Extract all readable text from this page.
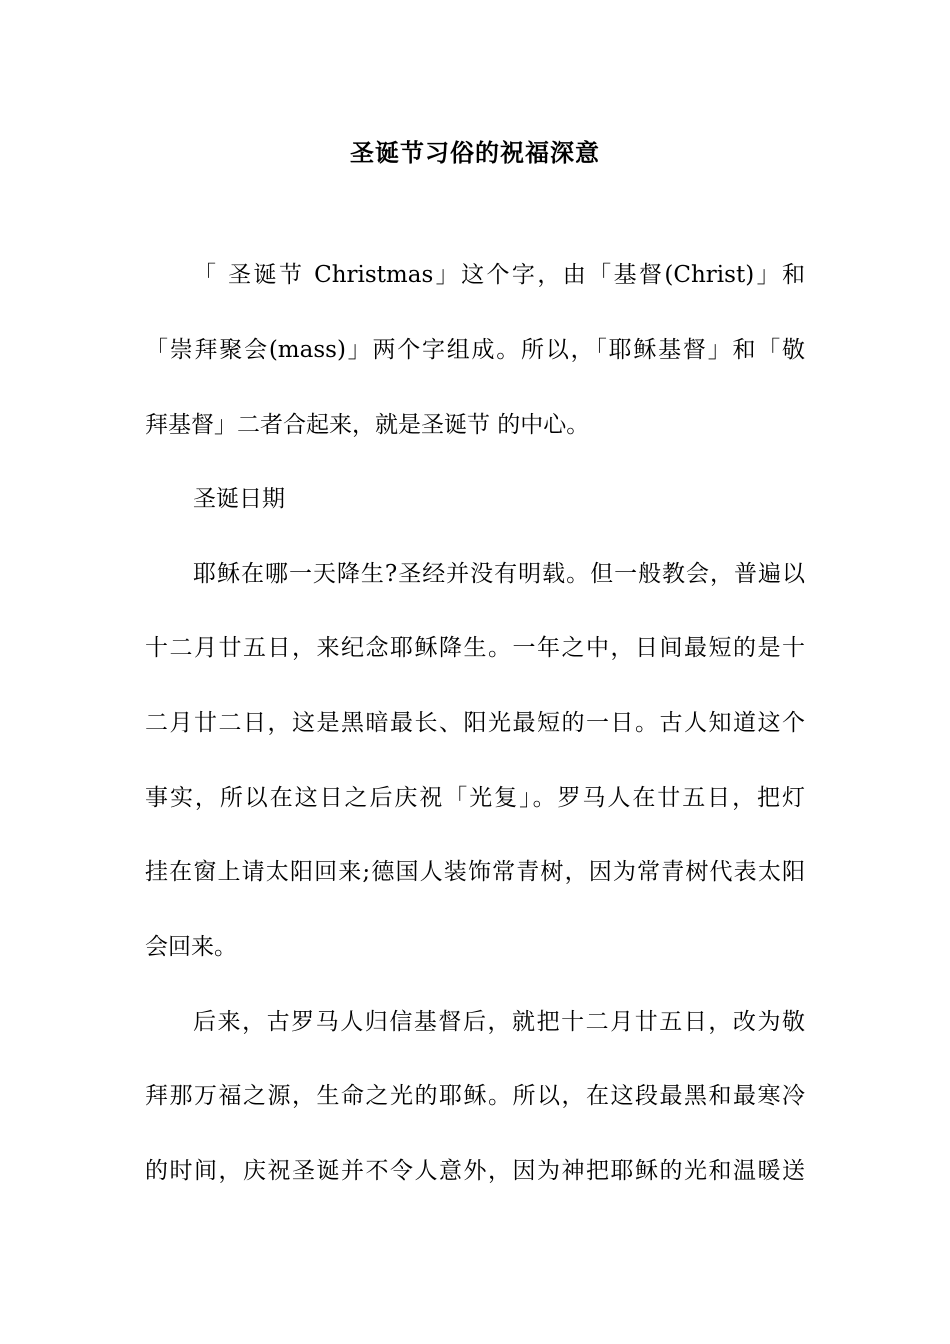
圣诞节习俗的祝福深意
「 圣诞节 Christmas」这个字，由「基督(Christ)」和
「崇拜聚会(mass)」两个字组成。所以，「耶稣基督」和「敬
拜基督」二者合起来，就是圣诞节 的中心。
圣诞日期
耶稣在哪一天降生?圣经并没有明载。但一般教会，普遍以
十二月廿五日，来纪念耶稣降生。一年之中，日间最短的是十
二月廿二日，这是黑暗最长、阳光最短的一日。古人知道这个
事实，所以在这日之后庆祝「光复」。罗马人在廿五日，把灯
挂在窗上请太阳回来;德国人装饰常青树，因为常青树代表太阳
会回来。
后来，古罗马人归信基督后，就把十二月廿五日，改为敬
拜那万福之源，生命之光的耶稣。所以，在这段最黑和最寒冷
的时间，庆祝圣诞并不令人意外，因为神把耶稣的光和温暖送
